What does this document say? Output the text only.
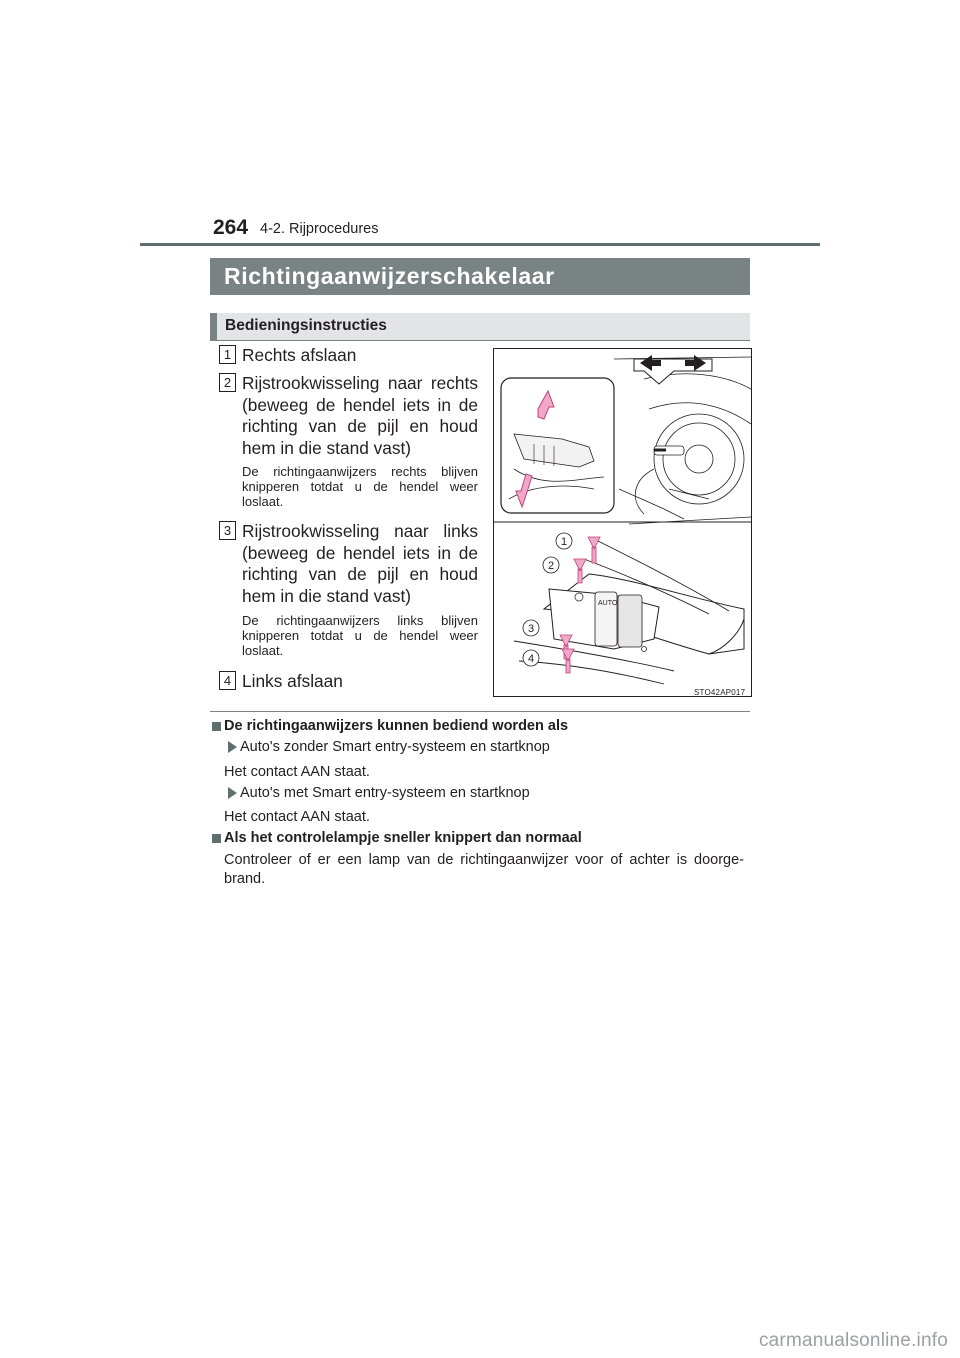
264 4-2. Rijprocedures
Richtingaanwijzerschakelaar
Bedieningsinstructies
1 Rechts afslaan
2 Rijstrookwisseling naar rechts (beweeg de hendel iets in de richting van de pijl en houd hem in die stand vast)
De richtingaanwijzers rechts blijven knipperen totdat u de hendel weer loslaat.
3 Rijstrookwisseling naar links (beweeg de hendel iets in de richting van de pijl en houd hem in die stand vast)
De richtingaanwijzers links blijven knipperen totdat u de hendel weer loslaat.
4 Links afslaan
AUTO
1
2
3
4
STO42AP017
De richtingaanwijzers kunnen bediend worden als
Auto's zonder Smart entry-systeem en startknop
Het contact AAN staat.
Auto's met Smart entry-systeem en startknop
Het contact AAN staat.
Als het controlelampje sneller knippert dan normaal
Controleer of er een lamp van de richtingaanwijzer voor of achter is doorge-brand.
carmanualsonline.info
